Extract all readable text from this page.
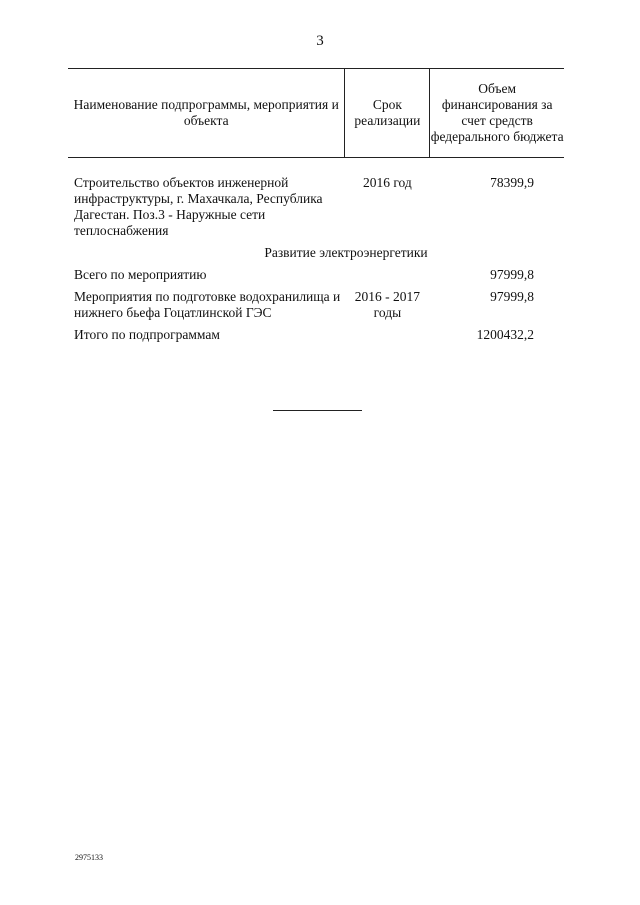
3
Наименование подпрограммы, мероприятия и объекта	Срок реализации	Объем финансирования за счет средств федерального бюджета

Строительство объектов инженерной инфраструктуры, г. Махачкала, Республика Дагестан. Поз.3 - Наружные сети теплоснабжения	2016 год	78399,9

Развитие электроэнергетики		

Всего по мероприятию		97999,8

Мероприятия по подготовке водохранилища и нижнего бьефа Гоцатлинской ГЭС	2016 - 2017 годы	97999,8

Итого по подпрограммам		1200432,2
2975133
